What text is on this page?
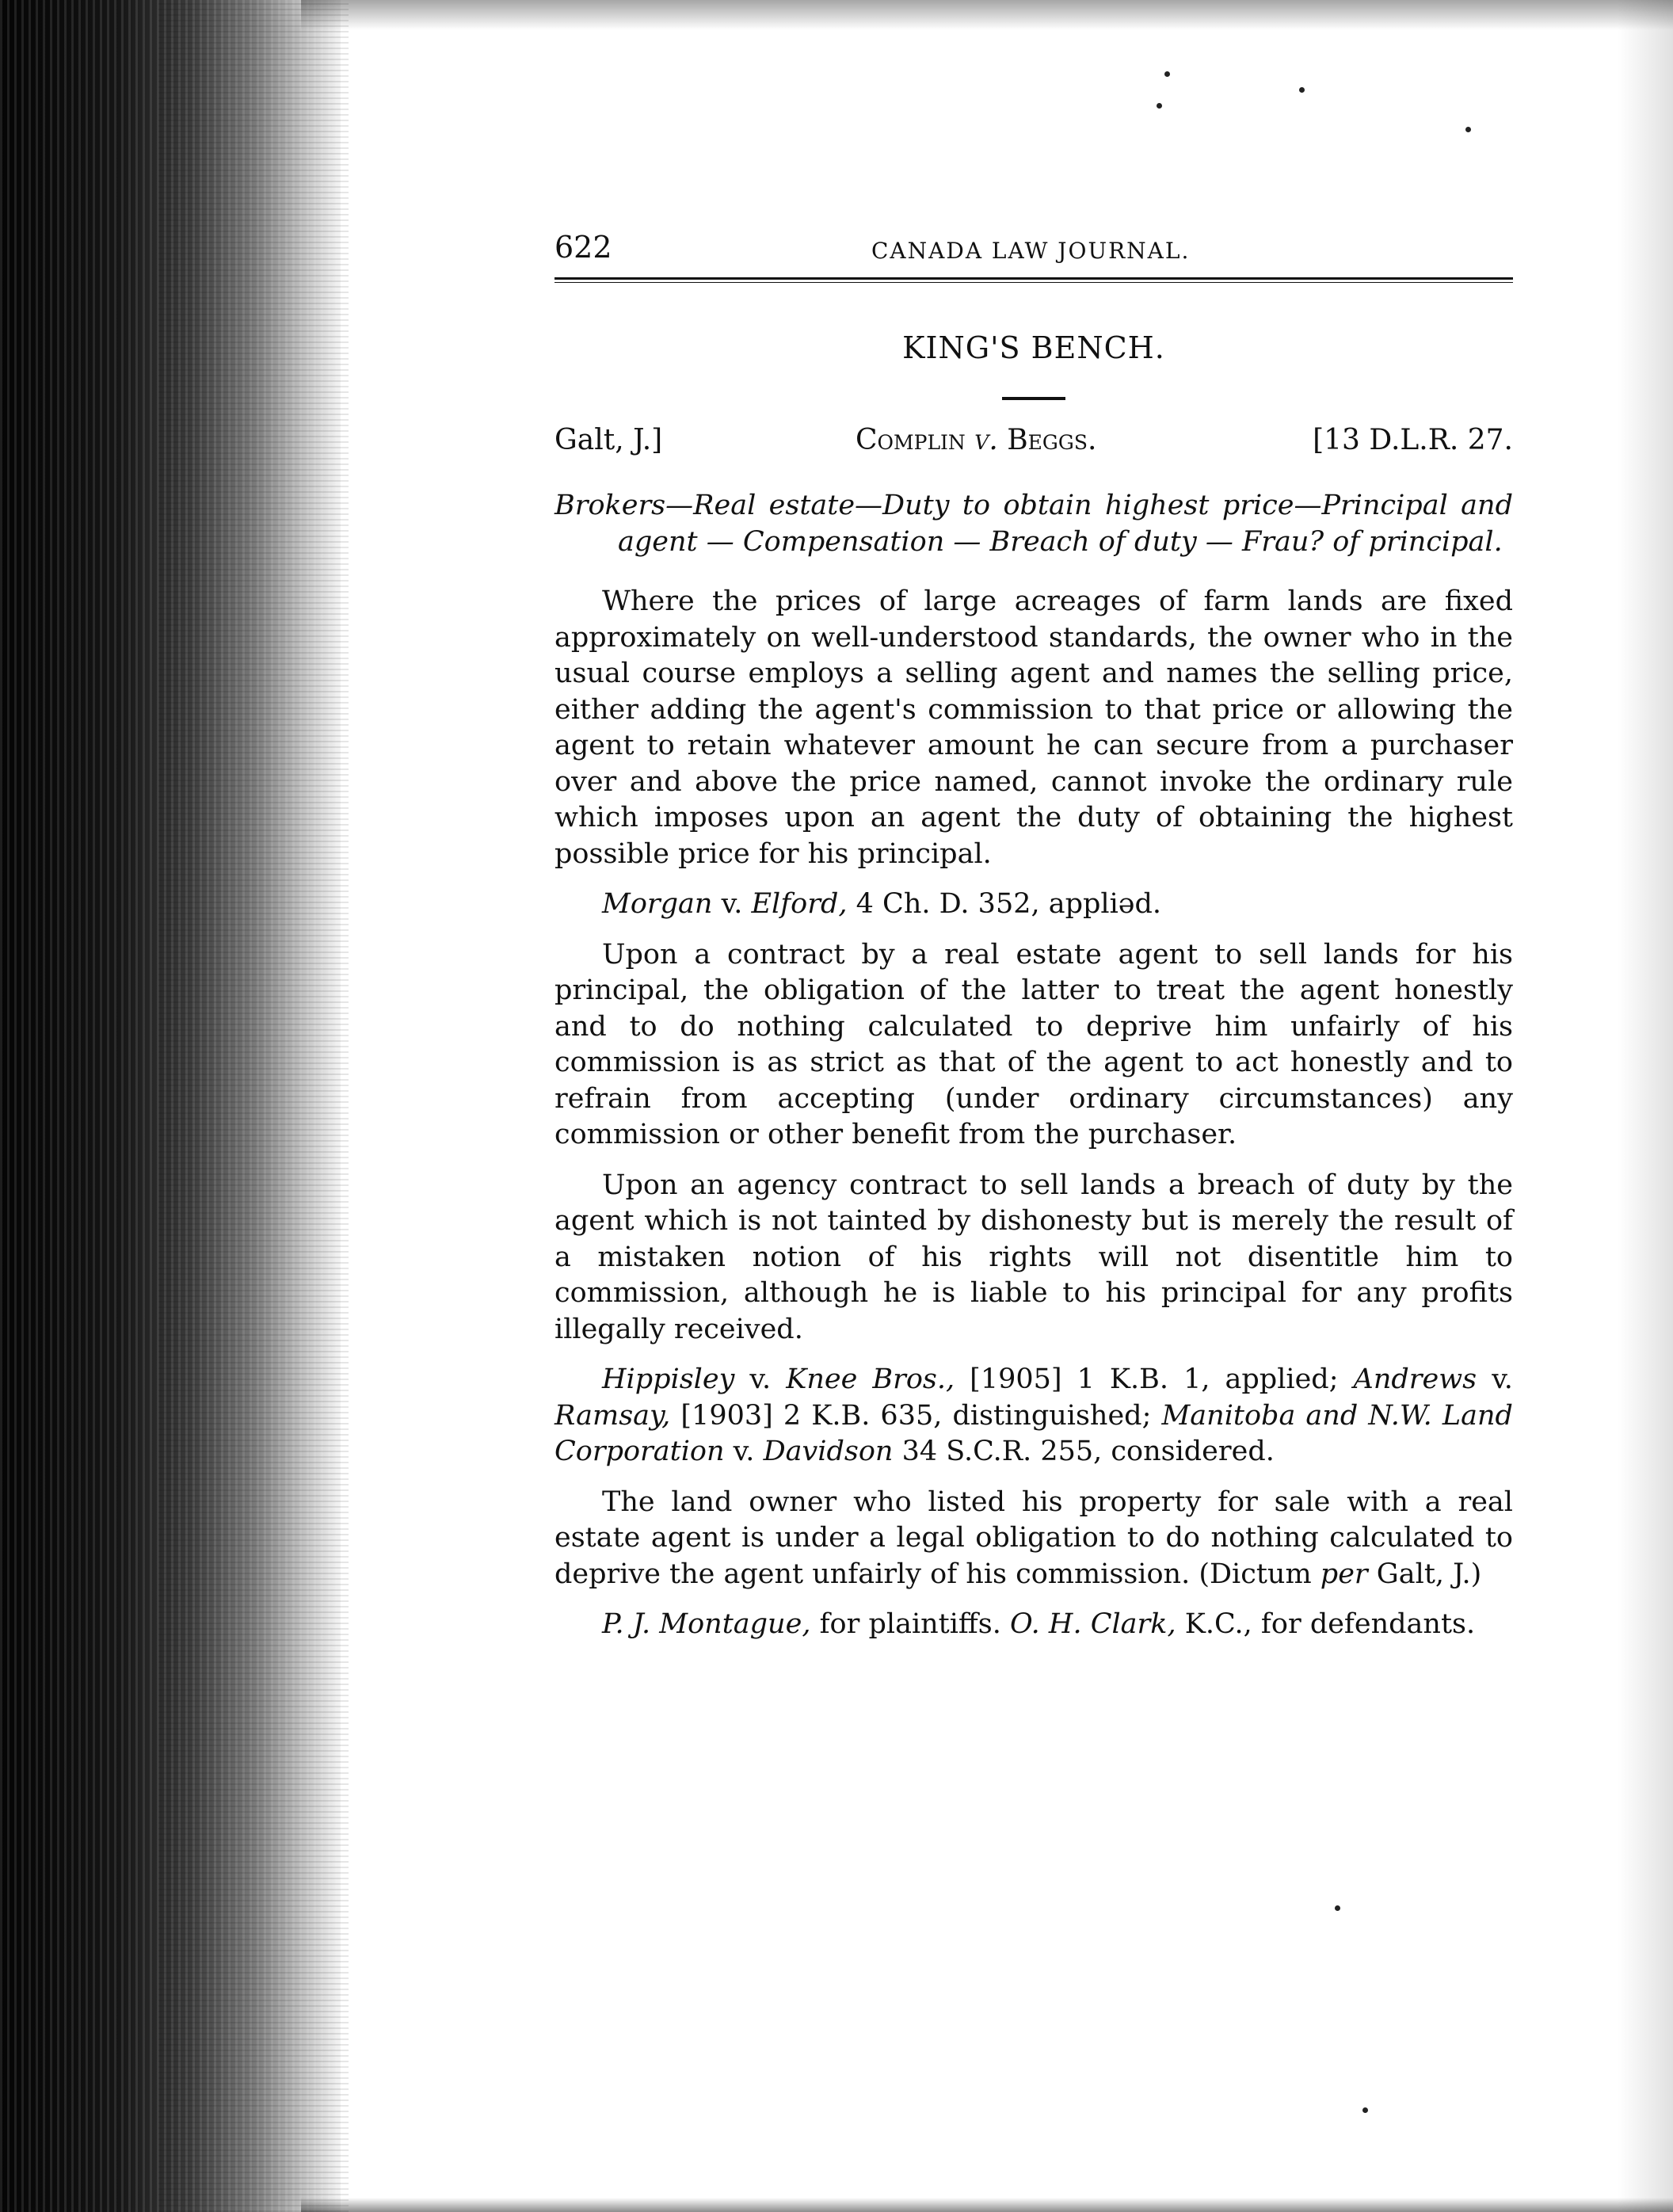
622	CANADA LAW JOURNAL.
KING'S BENCH.
Galt, J.]	Complin v. Beggs.	[13 D.L.R. 27.
Brokers—Real estate—Duty to obtain highest price—Principal and agent — Compensation — Breach of duty — Frau? of principal.

Where the prices of large acreages of farm lands are fixed approximately on well-understood standards, the owner who in the usual course employs a selling agent and names the selling price, either adding the agent's commission to that price or allowing the agent to retain whatever amount he can secure from a purchaser over and above the price named, cannot invoke the ordinary rule which imposes upon an agent the duty of obtaining the highest possible price for his principal.

Morgan v. Elford, 4 Ch. D. 352, appliəd.

Upon a contract by a real estate agent to sell lands for his principal, the obligation of the latter to treat the agent honestly and to do nothing calculated to deprive him unfairly of his commission is as strict as that of the agent to act honestly and to refrain from accepting (under ordinary circumstances) any commission or other benefit from the purchaser.

Upon an agency contract to sell lands a breach of duty by the agent which is not tainted by dishonesty but is merely the result of a mistaken notion of his rights will not disentitle him to commission, although he is liable to his principal for any profits illegally received.

Hippisley v. Knee Bros., [1905] 1 K.B. 1, applied; Andrews v. Ramsay, [1903] 2 K.B. 635, distinguished; Manitoba and N.W. Land Corporation v. Davidson 34 S.C.R. 255, considered.

The land owner who listed his property for sale with a real estate agent is under a legal obligation to do nothing calculated to deprive the agent unfairly of his commission. (Dictum per Galt, J.)

P. J. Montague, for plaintiffs. O. H. Clark, K.C., for defendants.
